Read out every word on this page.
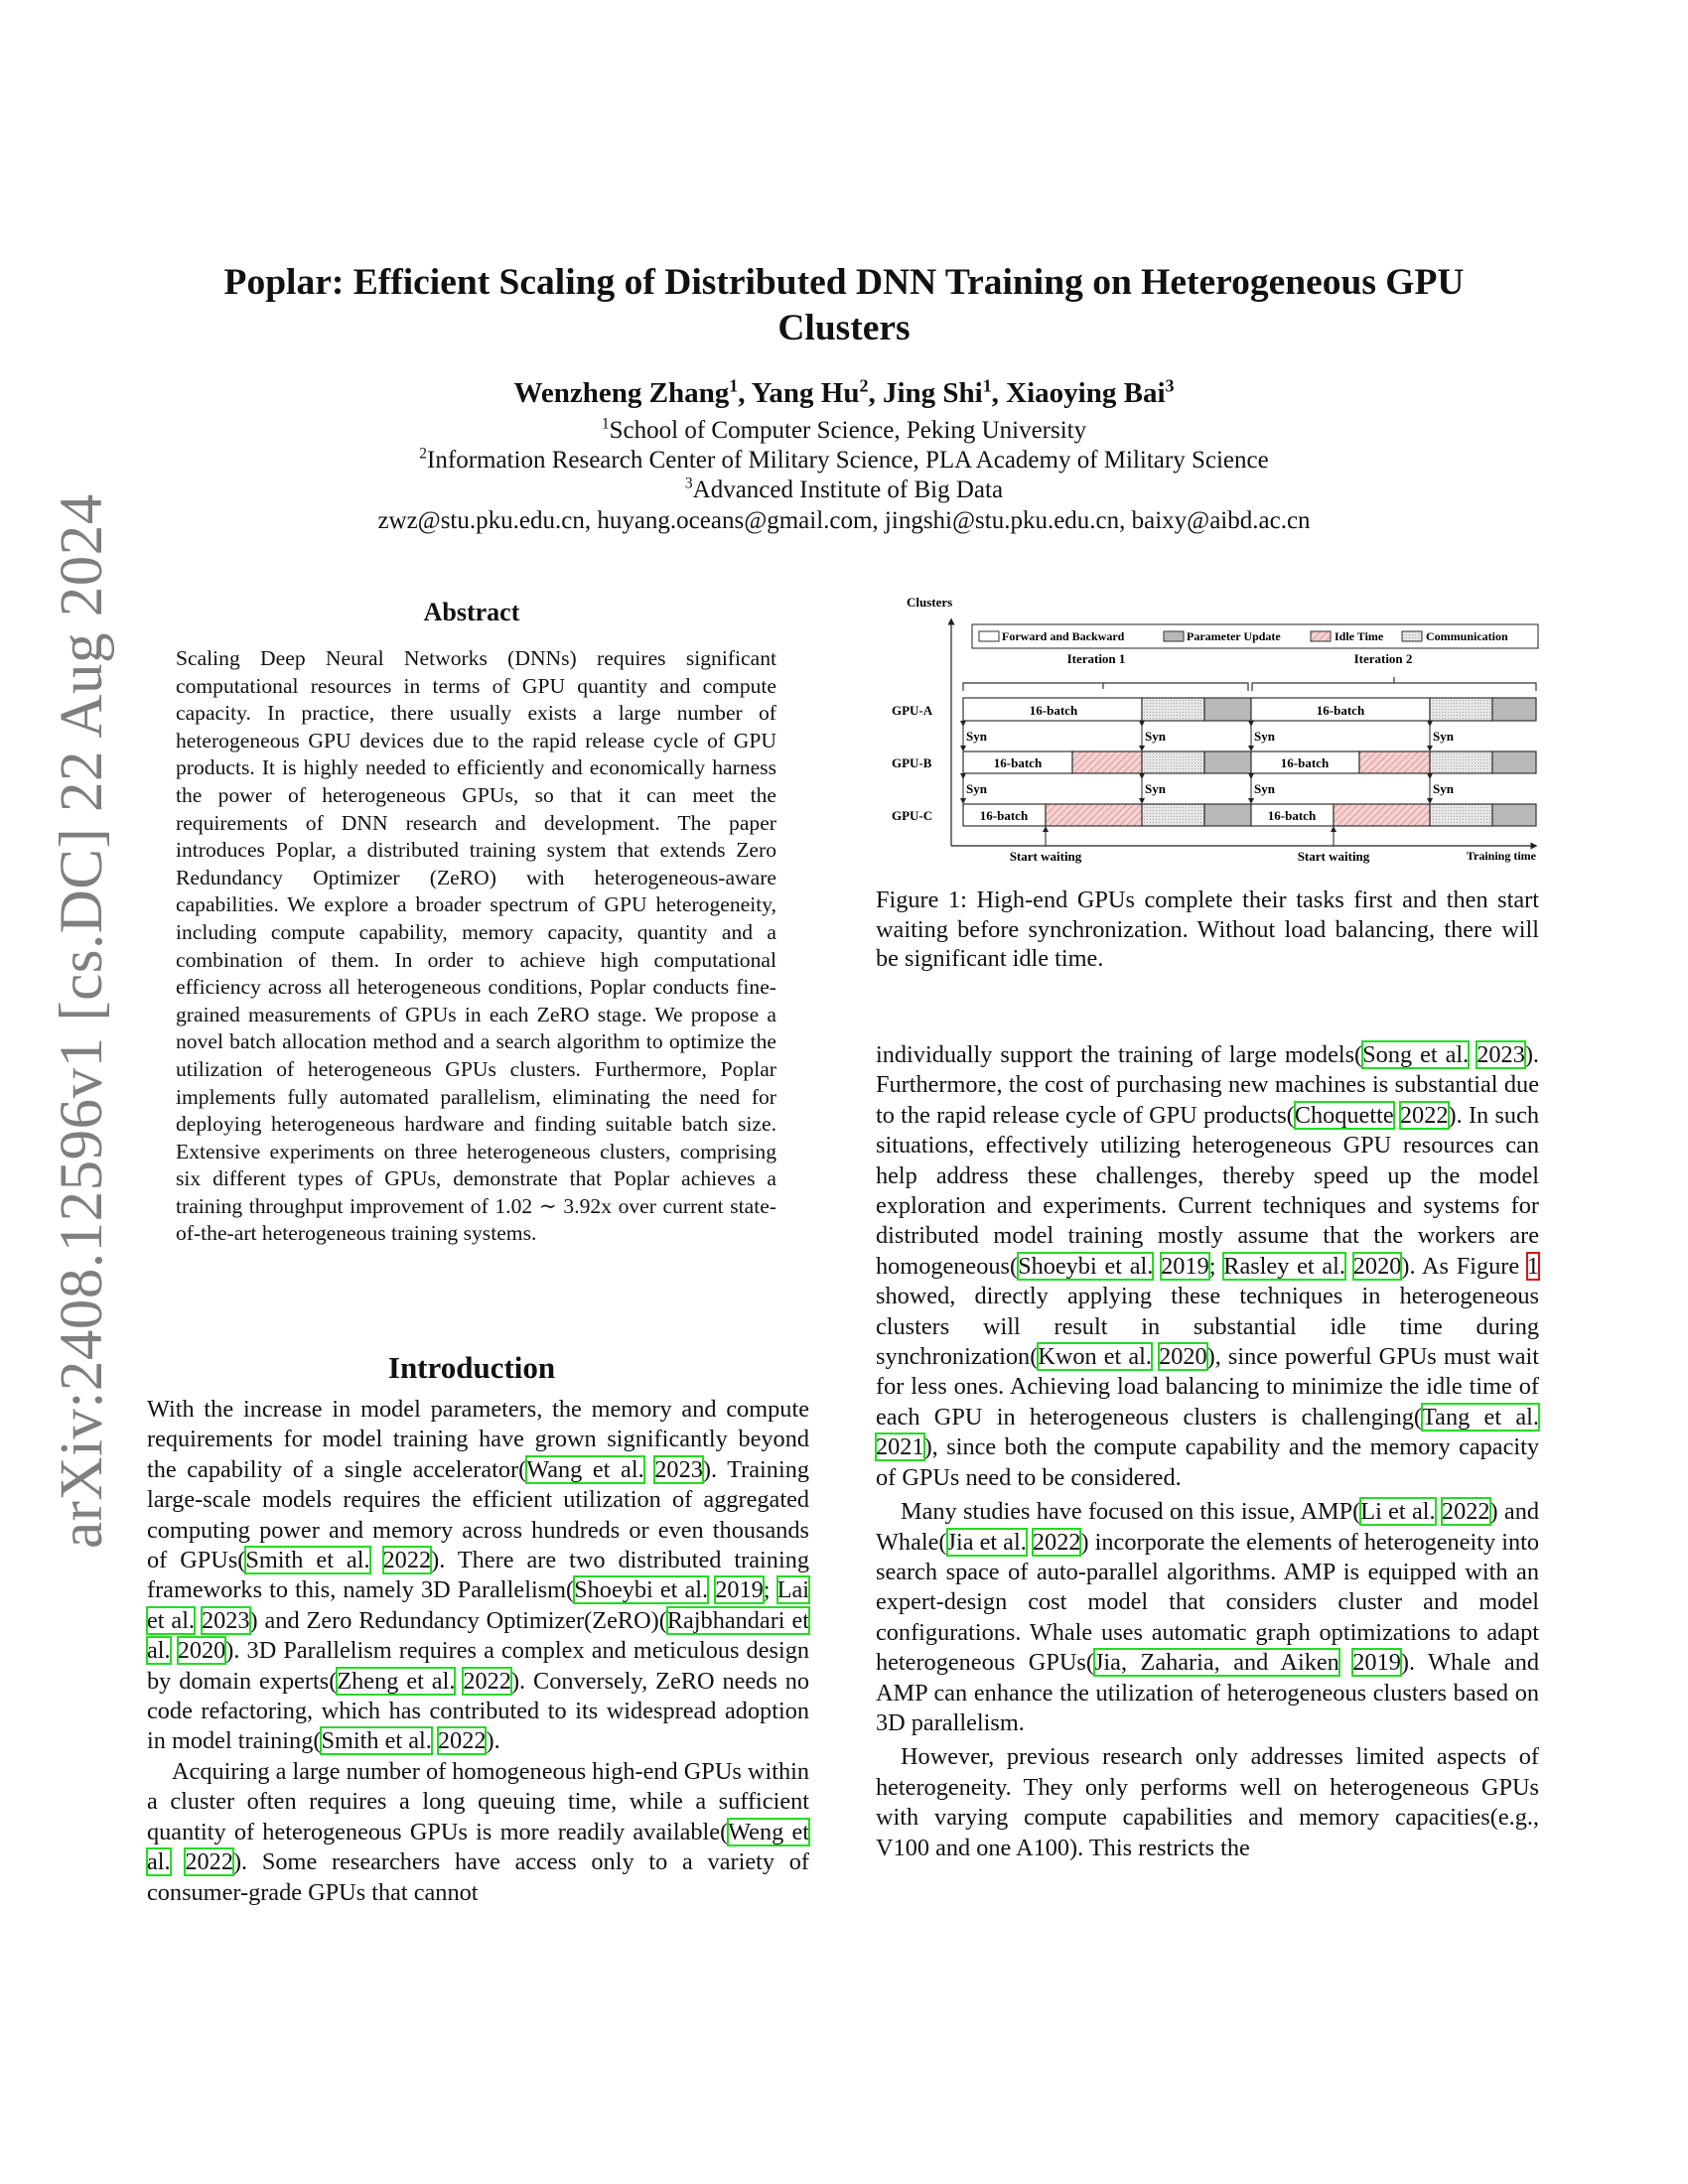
arXiv:2408.12596v1 [cs.DC] 22 Aug 2024
Poplar: Efficient Scaling of Distributed DNN Training on Heterogeneous GPU
Clusters
Wenzheng Zhang$^1$, Yang Hu$^2$, Jing Shi$^1$, Xiaoying Bai$^3$
$^1$School of Computer Science, Peking University
$^2$Information Research Center of Military Science, PLA Academy of Military Science
$^3$Advanced Institute of Big Data
zwz@stu.pku.edu.cn, huyang.oceans@gmail.com, jingshi@stu.pku.edu.cn, baixy@aibd.ac.cn
Abstract

Scaling Deep Neural Networks (DNNs) requires significant computational resources in terms of GPU quantity and compute capacity. In practice, there usually exists a large number of heterogeneous GPU devices due to the rapid release cycle of GPU products. It is highly needed to efficiently and economically harness the power of heterogeneous GPUs, so that it can meet the requirements of DNN research and development. The paper introduces Poplar, a distributed training system that extends Zero Redundancy Optimizer (ZeRO) with heterogeneous-aware capabilities. We explore a broader spectrum of GPU heterogeneity, including compute capability, memory capacity, quantity and a combination of them. In order to achieve high computational efficiency across all heterogeneous conditions, Poplar conducts fine-grained measurements of GPUs in each ZeRO stage. We propose a novel batch allocation method and a search algorithm to optimize the utilization of heterogeneous GPUs clusters. Furthermore, Poplar implements fully automated parallelism, eliminating the need for deploying heterogeneous hardware and finding suitable batch size. Extensive experiments on three heterogeneous clusters, comprising six different types of GPUs, demonstrate that Poplar achieves a training throughput improvement of 1.02 ∼ 3.92x over current state-of-the-art heterogeneous training systems.

Introduction

With the increase in model parameters, the memory and compute requirements for model training have grown significantly beyond the capability of a single accelerator(Wang et al. 2023). Training large-scale models requires the efficient utilization of aggregated computing power and memory across hundreds or even thousands of GPUs(Smith et al. 2022). There are two distributed training frameworks to this, namely 3D Parallelism(Shoeybi et al. 2019; Lai et al. 2023) and Zero Redundancy Optimizer(ZeRO)(Rajbhandari et al. 2020). 3D Parallelism requires a complex and meticulous design by domain experts(Zheng et al. 2022). Conversely, ZeRO needs no code refactoring, which has contributed to its widespread adoption in model training(Smith et al. 2022).

Acquiring a large number of homogeneous high-end GPUs within a cluster often requires a long queuing time, while a sufficient quantity of heterogeneous GPUs is more readily available(Weng et al. 2022). Some researchers have access only to a variety of consumer-grade GPUs that cannot

Clusters
Forward and Backward	Parameter Update	Idle Time	Communication
Iteration 1	Iteration 2
GPU-A
GPU-B
GPU-C
16-batch	16-batch
16-batch	16-batch
16-batch	16-batch
Syn	Syn	Syn	Syn
Syn	Syn	Syn	Syn
Start waiting	Start waiting	Training time
Figure 1: High-end GPUs complete their tasks first and then start waiting before synchronization. Without load balancing, there will be significant idle time.

individually support the training of large models(Song et al. 2023). Furthermore, the cost of purchasing new machines is substantial due to the rapid release cycle of GPU products(Choquette 2022). In such situations, effectively utilizing heterogeneous GPU resources can help address these challenges, thereby speed up the model exploration and experiments. Current techniques and systems for distributed model training mostly assume that the workers are homogeneous(Shoeybi et al. 2019; Rasley et al. 2020). As Figure 1 showed, directly applying these techniques in heterogeneous clusters will result in substantial idle time during synchronization(Kwon et al. 2020), since powerful GPUs must wait for less ones. Achieving load balancing to minimize the idle time of each GPU in heterogeneous clusters is challenging(Tang et al. 2021), since both the compute capability and the memory capacity of GPUs need to be considered.

Many studies have focused on this issue, AMP(Li et al. 2022) and Whale(Jia et al. 2022) incorporate the elements of heterogeneity into search space of auto-parallel algorithms. AMP is equipped with an expert-design cost model that considers cluster and model configurations. Whale uses automatic graph optimizations to adapt heterogeneous GPUs(Jia, Zaharia, and Aiken 2019). Whale and AMP can enhance the utilization of heterogeneous clusters based on 3D parallelism.

However, previous research only addresses limited aspects of heterogeneity. They only performs well on heterogeneous GPUs with varying compute capabilities and memory capacities(e.g., V100 and one A100). This restricts the
